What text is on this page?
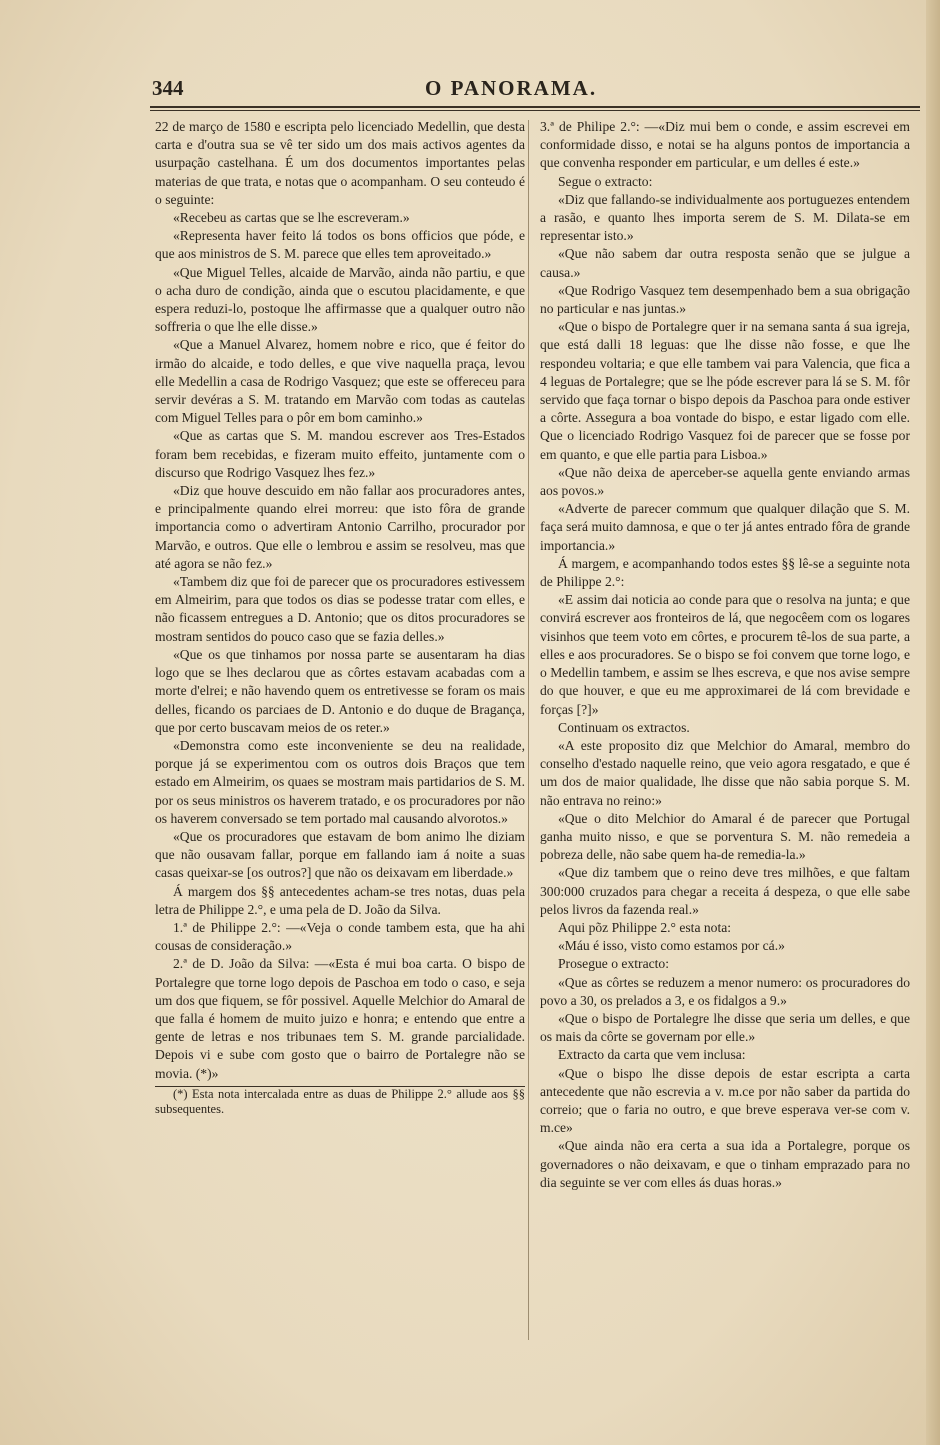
344	O PANORAMA.

22 de março de 1580 e escripta pelo licenciado Medellin, que desta carta e d'outra sua se vê ter sido um dos mais activos agentes da usurpação castelhana. É um dos documentos importantes pelas materias de que trata, e notas que o acompanham. O seu conteudo é o seguinte:

«Recebeu as cartas que se lhe escreveram.»

«Representa haver feito lá todos os bons officios que póde, e que aos ministros de S. M. parece que elles tem aproveitado.»

«Que Miguel Telles, alcaide de Marvão, ainda não partiu, e que o acha duro de condição, ainda que o escutou placidamente, e que espera reduzi-lo, postoque lhe affirmasse que a qualquer outro não soffreria o que lhe elle disse.»

«Que a Manuel Alvarez, homem nobre e rico, que é feitor do irmão do alcaide, e todo delles, e que vive naquella praça, levou elle Medellin a casa de Rodrigo Vasquez; que este se offereceu para servir devéras a S. M. tratando em Marvão com todas as cautelas com Miguel Telles para o pôr em bom caminho.»

«Que as cartas que S. M. mandou escrever aos Tres-Estados foram bem recebidas, e fizeram muito effeito, juntamente com o discurso que Rodrigo Vasquez lhes fez.»

«Diz que houve descuido em não fallar aos procuradores antes, e principalmente quando elrei morreu: que isto fôra de grande importancia como o advertiram Antonio Carrilho, procurador por Marvão, e outros. Que elle o lembrou e assim se resolveu, mas que até agora se não fez.»

«Tambem diz que foi de parecer que os procuradores estivessem em Almeirim, para que todos os dias se podesse tratar com elles, e não ficassem entregues a D. Antonio; que os ditos procuradores se mostram sentidos do pouco caso que se fazia delles.»

«Que os que tinhamos por nossa parte se ausentaram ha dias logo que se lhes declarou que as côrtes estavam acabadas com a morte d'elrei; e não havendo quem os entretivesse se foram os mais delles, ficando os parciaes de D. Antonio e do duque de Bragança, que por certo buscavam meios de os reter.»

«Demonstra como este inconveniente se deu na realidade, porque já se experimentou com os outros dois Braços que tem estado em Almeirim, os quaes se mostram mais partidarios de S. M. por os seus ministros os haverem tratado, e os procuradores por não os haverem conversado se tem portado mal causando alvorotos.»

«Que os procuradores que estavam de bom animo lhe diziam que não ousavam fallar, porque em fallando iam á noite a suas casas queixar-se [os outros?] que não os deixavam em liberdade.»

Á margem dos §§ antecedentes acham-se tres notas, duas pela letra de Philippe 2.°, e uma pela de D. João da Silva.

1.ª de Philippe 2.°: —«Veja o conde tambem esta, que ha ahi cousas de consideração.»

2.ª de D. João da Silva: —«Esta é mui boa carta. O bispo de Portalegre que torne logo depois de Paschoa em todo o caso, e seja um dos que fiquem, se fôr possivel. Aquelle Melchior do Amaral de que falla é homem de muito juizo e honra; e entendo que entre a gente de letras e nos tribunaes tem S. M. grande parcialidade. Depois vi e sube com gosto que o bairro de Portalegre não se movia. (*)»

(*) Esta nota intercalada entre as duas de Philippe 2.° allude aos §§ subsequentes.

3.ª de Philipe 2.°: —«Diz mui bem o conde, e assim escrevei em conformidade disso, e notai se ha alguns pontos de importancia a que convenha responder em particular, e um delles é este.»

Segue o extracto:

«Diz que fallando-se individualmente aos portuguezes entendem a rasão, e quanto lhes importa serem de S. M. Dilata-se em representar isto.»

«Que não sabem dar outra resposta senão que se julgue a causa.»

«Que Rodrigo Vasquez tem desempenhado bem a sua obrigação no particular e nas juntas.»

«Que o bispo de Portalegre quer ir na semana santa á sua igreja, que está dalli 18 leguas: que lhe disse não fosse, e que lhe respondeu voltaria; e que elle tambem vai para Valencia, que fica a 4 leguas de Portalegre; que se lhe póde escrever para lá se S. M. fôr servido que faça tornar o bispo depois da Paschoa para onde estiver a côrte. Assegura a boa vontade do bispo, e estar ligado com elle. Que o licenciado Rodrigo Vasquez foi de parecer que se fosse por em quanto, e que elle partia para Lisboa.»

«Que não deixa de aperceber-se aquella gente enviando armas aos povos.»

«Adverte de parecer commum que qualquer dilação que S. M. faça será muito damnosa, e que o ter já antes entrado fôra de grande importancia.»

Á margem, e acompanhando todos estes §§ lê-se a seguinte nota de Philippe 2.°:

«E assim dai noticia ao conde para que o resolva na junta; e que convirá escrever aos fronteiros de lá, que negocêem com os logares visinhos que teem voto em côrtes, e procurem tê-los de sua parte, a elles e aos procuradores. Se o bispo se foi convem que torne logo, e o Medellin tambem, e assim se lhes escreva, e que nos avise sempre do que houver, e que eu me approximarei de lá com brevidade e forças [?]»

Continuam os extractos.

«A este proposito diz que Melchior do Amaral, membro do conselho d'estado naquelle reino, que veio agora resgatado, e que é um dos de maior qualidade, lhe disse que não sabia porque S. M. não entrava no reino:»

«Que o dito Melchior do Amaral é de parecer que Portugal ganha muito nisso, e que se porventura S. M. não remedeia a pobreza delle, não sabe quem ha-de remedia-la.»

«Que diz tambem que o reino deve tres milhões, e que faltam 300:000 cruzados para chegar a receita á despeza, o que elle sabe pelos livros da fazenda real.»

Aqui põz Philippe 2.° esta nota:

«Máu é isso, visto como estamos por cá.»

Prosegue o extracto:

«Que as côrtes se reduzem a menor numero: os procuradores do povo a 30, os prelados a 3, e os fidalgos a 9.»

«Que o bispo de Portalegre lhe disse que seria um delles, e que os mais da côrte se governam por elle.»

Extracto da carta que vem inclusa:

«Que o bispo lhe disse depois de estar escripta a carta antecedente que não escrevia a v. m.ce por não saber da partida do correio; que o faria no outro, e que breve esperava ver-se com v. m.ce»

«Que ainda não era certa a sua ida a Portalegre, porque os governadores o não deixavam, e que o tinham emprazado para no dia seguinte se ver com elles ás duas horas.»
